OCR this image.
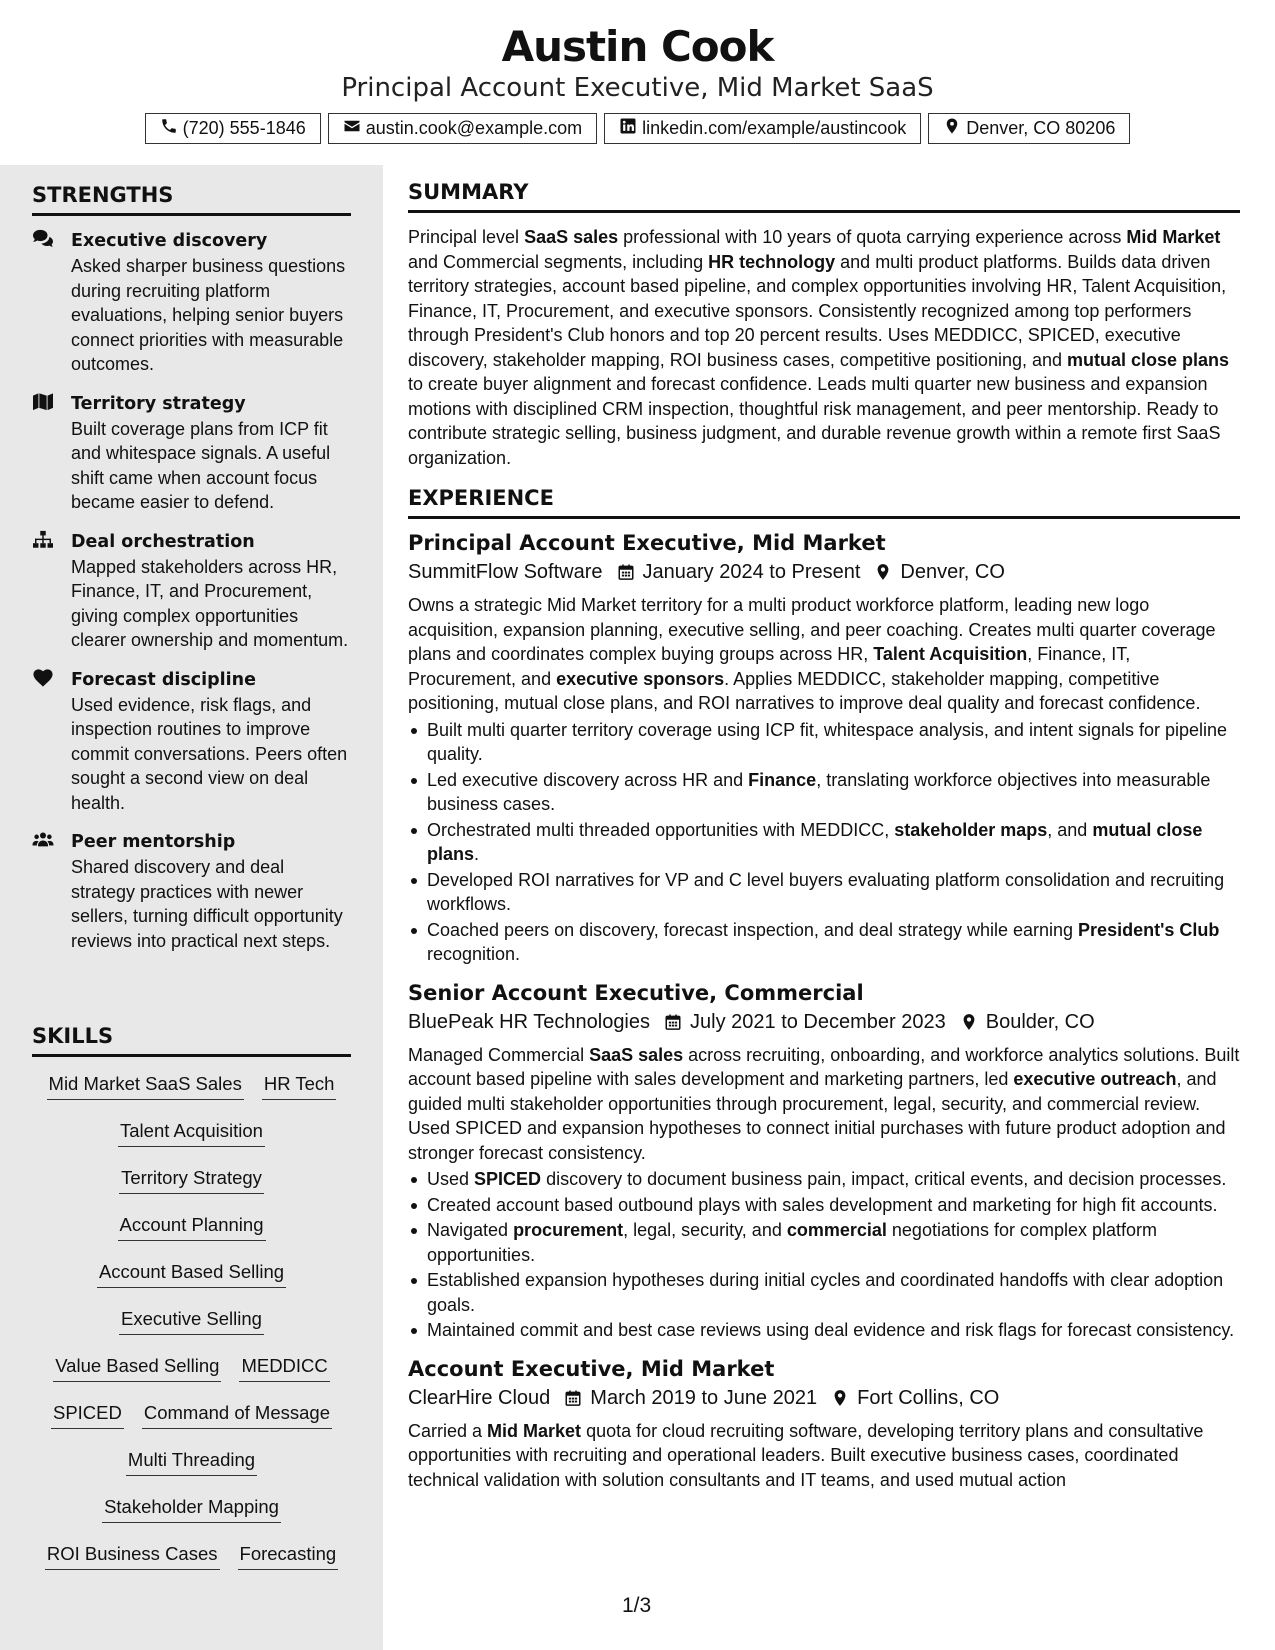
Austin Cook
Principal Account Executive, Mid Market SaaS
(720) 555-1846	austin.cook@example.com	linkedin.com/example/austincook	Denver, CO 80206
STRENGTHS
Executive discovery
Asked sharper business questions during recruiting platform evaluations, helping senior buyers connect priorities with measurable outcomes.
Territory strategy
Built coverage plans from ICP fit and whitespace signals. A useful shift came when account focus became easier to defend.
Deal orchestration
Mapped stakeholders across HR, Finance, IT, and Procurement, giving complex opportunities clearer ownership and momentum.
Forecast discipline
Used evidence, risk flags, and inspection routines to improve commit conversations. Peers often sought a second view on deal health.
Peer mentorship
Shared discovery and deal strategy practices with newer sellers, turning difficult opportunity reviews into practical next steps.
SKILLS
Mid Market SaaS Sales HR Tech
Talent Acquisition
Territory Strategy
Account Planning
Account Based Selling
Executive Selling
Value Based Selling MEDDICC
SPICED Command of Message
Multi Threading
Stakeholder Mapping
ROI Business Cases Forecasting
SUMMARY
Principal level SaaS sales professional with 10 years of quota carrying experience across Mid Market and Commercial segments, including HR technology and multi product platforms. Builds data driven territory strategies, account based pipeline, and complex opportunities involving HR, Talent Acquisition, Finance, IT, Procurement, and executive sponsors. Consistently recognized among top performers through President's Club honors and top 20 percent results. Uses MEDDICC, SPICED, executive discovery, stakeholder mapping, ROI business cases, competitive positioning, and mutual close plans to create buyer alignment and forecast confidence. Leads multi quarter new business and expansion motions with disciplined CRM inspection, thoughtful risk management, and peer mentorship. Ready to contribute strategic selling, business judgment, and durable revenue growth within a remote first SaaS organization.
EXPERIENCE
Principal Account Executive, Mid Market
SummitFlow Software January 2024 to Present Denver, CO
Owns a strategic Mid Market territory for a multi product workforce platform, leading new logo acquisition, expansion planning, executive selling, and peer coaching. Creates multi quarter coverage plans and coordinates complex buying groups across HR, Talent Acquisition, Finance, IT, Procurement, and executive sponsors. Applies MEDDICC, stakeholder mapping, competitive positioning, mutual close plans, and ROI narratives to improve deal quality and forecast confidence.
Built multi quarter territory coverage using ICP fit, whitespace analysis, and intent signals for pipeline quality.
Led executive discovery across HR and Finance, translating workforce objectives into measurable business cases.
Orchestrated multi threaded opportunities with MEDDICC, stakeholder maps, and mutual close plans.
Developed ROI narratives for VP and C level buyers evaluating platform consolidation and recruiting workflows.
Coached peers on discovery, forecast inspection, and deal strategy while earning President's Club recognition.
Senior Account Executive, Commercial
BluePeak HR Technologies July 2021 to December 2023 Boulder, CO
Managed Commercial SaaS sales across recruiting, onboarding, and workforce analytics solutions. Built account based pipeline with sales development and marketing partners, led executive outreach, and guided multi stakeholder opportunities through procurement, legal, security, and commercial review. Used SPICED and expansion hypotheses to connect initial purchases with future product adoption and stronger forecast consistency.
Used SPICED discovery to document business pain, impact, critical events, and decision processes.
Created account based outbound plays with sales development and marketing for high fit accounts.
Navigated procurement, legal, security, and commercial negotiations for complex platform opportunities.
Established expansion hypotheses during initial cycles and coordinated handoffs with clear adoption goals.
Maintained commit and best case reviews using deal evidence and risk flags for forecast consistency.
Account Executive, Mid Market
ClearHire Cloud March 2019 to June 2021 Fort Collins, CO
Carried a Mid Market quota for cloud recruiting software, developing territory plans and consultative opportunities with recruiting and operational leaders. Built executive business cases, coordinated technical validation with solution consultants and IT teams, and used mutual action
1/3
